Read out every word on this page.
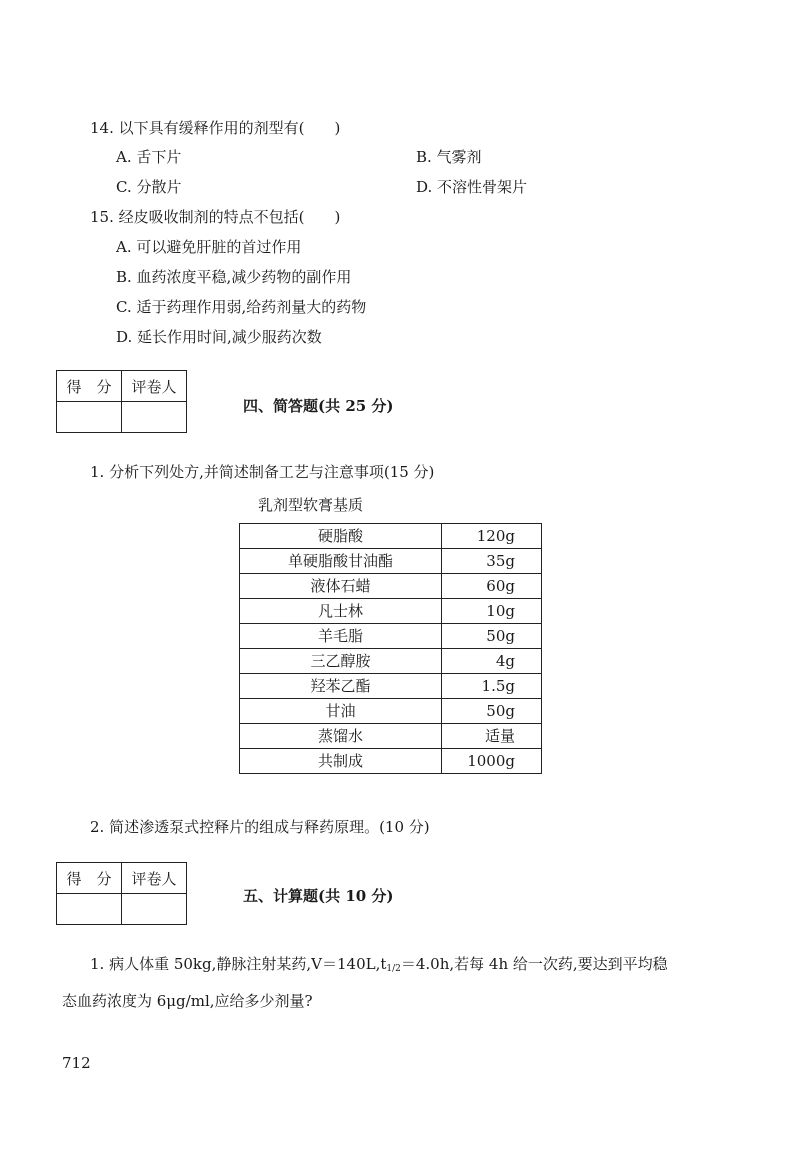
14. 以下具有缓释作用的剂型有(　　)
A. 舌下片	B. 气雾剂
C. 分散片	D. 不溶性骨架片
15. 经皮吸收制剂的特点不包括(　　)
A. 可以避免肝脏的首过作用
B. 血药浓度平稳,减少药物的副作用
C. 适于药理作用弱,给药剂量大的药物
D. 延长作用时间,减少服药次数
得　分	评卷人

四、简答题(共 25 分)
1. 分析下列处方,并简述制备工艺与注意事项(15 分)
乳剂型软膏基质
硬脂酸	120g
单硬脂酸甘油酯	35g
液体石蜡	60g
凡士林	10g
羊毛脂	50g
三乙醇胺	4g
羟苯乙酯	1.5g
甘油	50g
蒸馏水	适量
共制成	1000g
2. 简述渗透泵式控释片的组成与释药原理。(10 分)
得　分	评卷人

五、计算题(共 10 分)
1. 病人体重 50kg,静脉注射某药$,V=140L,t_{1/2}=4.0h$,若每 4h 给一次药,要达到平均稳
态血药浓度为 6μg/ml,应给多少剂量?
712
